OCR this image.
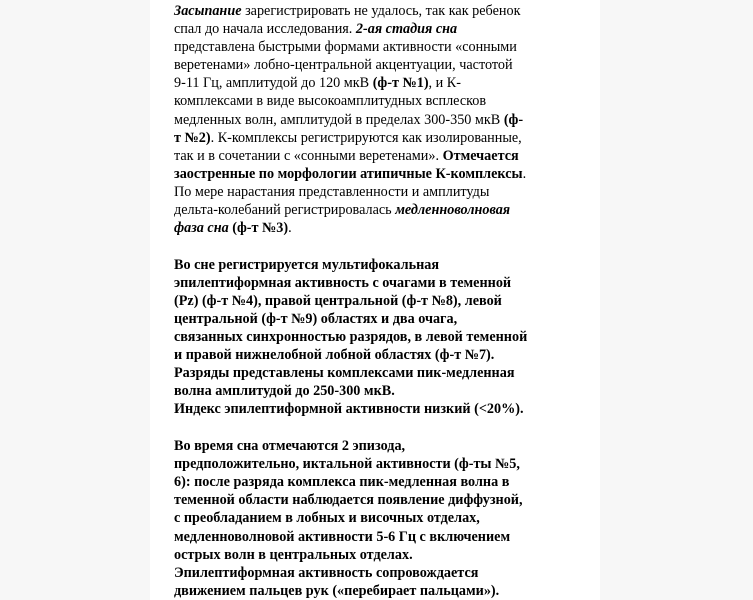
Засыпание зарегистрировать не удалось, так как ребенок
спал до начала исследования. 2-ая стадия сна
представлена быстрыми формами активности «сонными
веретенами» лобно-центральной акцентуации, частотой
9-11 Гц, амплитудой до 120 мкВ (ф-т №1), и К-
комплексами в виде высокоамплитудных всплесков
медленных волн, амплитудой в пределах 300-350 мкВ (ф-
т №2). К-комплексы регистрируются как изолированные,
так и в сочетании с «сонными веретенами». Отмечается
заостренные по морфологии атипичные К-комплексы.
По мере нарастания представленности и амплитуды
дельта-колебаний регистрировалась медленноволновая
фаза сна (ф-т №3).
Во сне регистрируется мультифокальная
эпилептиформная активность с очагами в теменной
(Pz) (ф-т №4), правой центральной (ф-т №8), левой
центральной (ф-т №9) областях и два очага,
связанных синхронностью разрядов, в левой теменной
и правой нижнелобной лобной областях (ф-т №7).
Разряды представлены комплексами пик-медленная
волна амплитудой до 250-300 мкВ.
Индекс эпилептиформной активности низкий (<20%).
Во время сна отмечаются 2 эпизода,
предположительно, иктальной активности (ф-ты №5,
6): после разряда комплекса пик-медленная волна в
теменной области наблюдается появление диффузной,
с преобладанием в лобных и височных отделах,
медленноволновой активности 5-6 Гц с включением
острых волн в центральных отделах.
Эпилептиформная активность сопровождается
движением пальцев рук («перебирает пальцами»).
